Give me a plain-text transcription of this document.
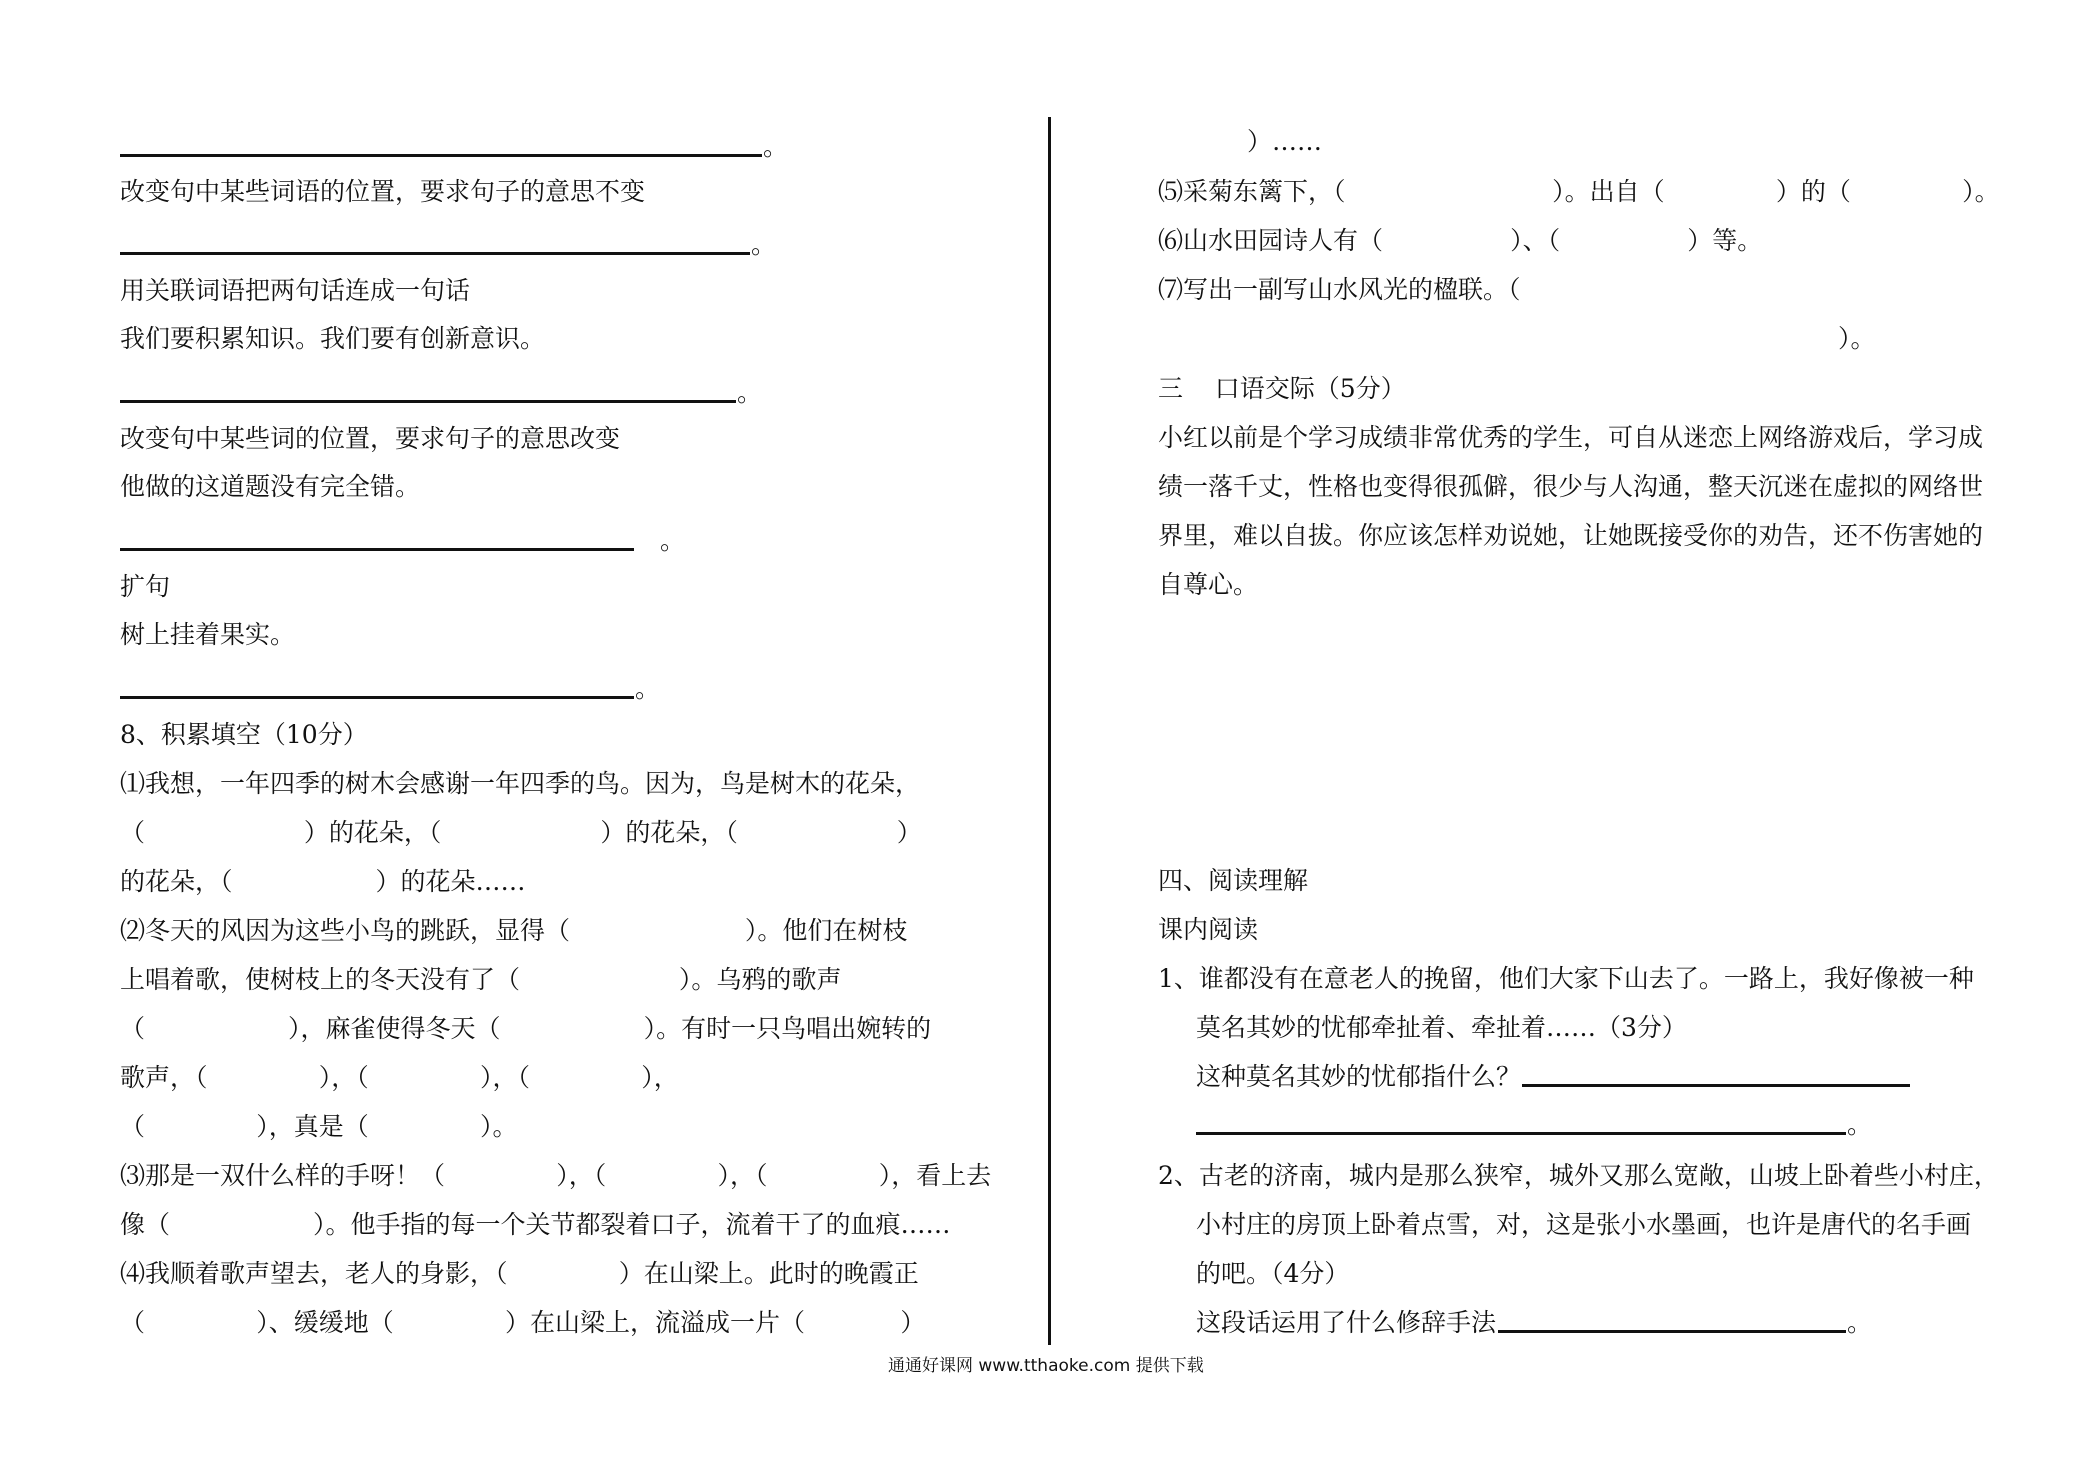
。
改变句中某些词语的位置，要求句子的意思不变
。
用关联词语把两句话连成一句话
我们要积累知识。我们要有创新意识。
。
改变句中某些词的位置，要求句子的意思改变
他做的这道题没有完全错。
。
扩句
树上挂着果实。
。
8、积累填空（10分）
⑴我想，一年四季的树木会感谢一年四季的鸟。因为，鸟是树木的花朵，
（                    ）的花朵，（                    ）的花朵，（                    ）
的花朵，（                  ）的花朵……
⑵冬天的风因为这些小鸟的跳跃，显得（                      ）。他们在树枝
上唱着歌，使树枝上的冬天没有了（                    ）。乌鸦的歌声
（                  ），麻雀使得冬天（                  ）。有时一只鸟唱出婉转的
歌声，（              ），（              ），（              ），
（              ），真是（              ）。
⑶那是一双什么样的手呀！（              ），（              ），（              ），看上去
像（                  ）。他手指的每一个关节都裂着口子，流着干了的血痕……
⑷我顺着歌声望去，老人的身影，（              ）在山梁上。此时的晚霞正
（              ）、缓缓地（              ）在山梁上，流溢成一片（            ）
）……
⑸采菊东篱下，（                          ）。出自（              ）的（              ）。
⑹山水田园诗人有（                ）、（                ）等。
⑺写出一副写山水风光的楹联。（
）。
三    口语交际（5分）
小红以前是个学习成绩非常优秀的学生，可自从迷恋上网络游戏后，学习成
绩一落千丈，性格也变得很孤僻，很少与人沟通，整天沉迷在虚拟的网络世
界里，难以自拔。你应该怎样劝说她，让她既接受你的劝告，还不伤害她的
自尊心。
四、阅读理解
课内阅读
1、谁都没有在意老人的挽留，他们大家下山去了。一路上，我好像被一种
莫名其妙的忧郁牵扯着、牵扯着……（3分）
这种莫名其妙的忧郁指什么？
。
2、古老的济南，城内是那么狭窄，城外又那么宽敞，山坡上卧着些小村庄，
小村庄的房顶上卧着点雪，对，这是张小水墨画，也许是唐代的名手画
的吧。（4分）
这段话运用了什么修辞手法	。
通通好课网 www.tthaoke.com 提供下载
